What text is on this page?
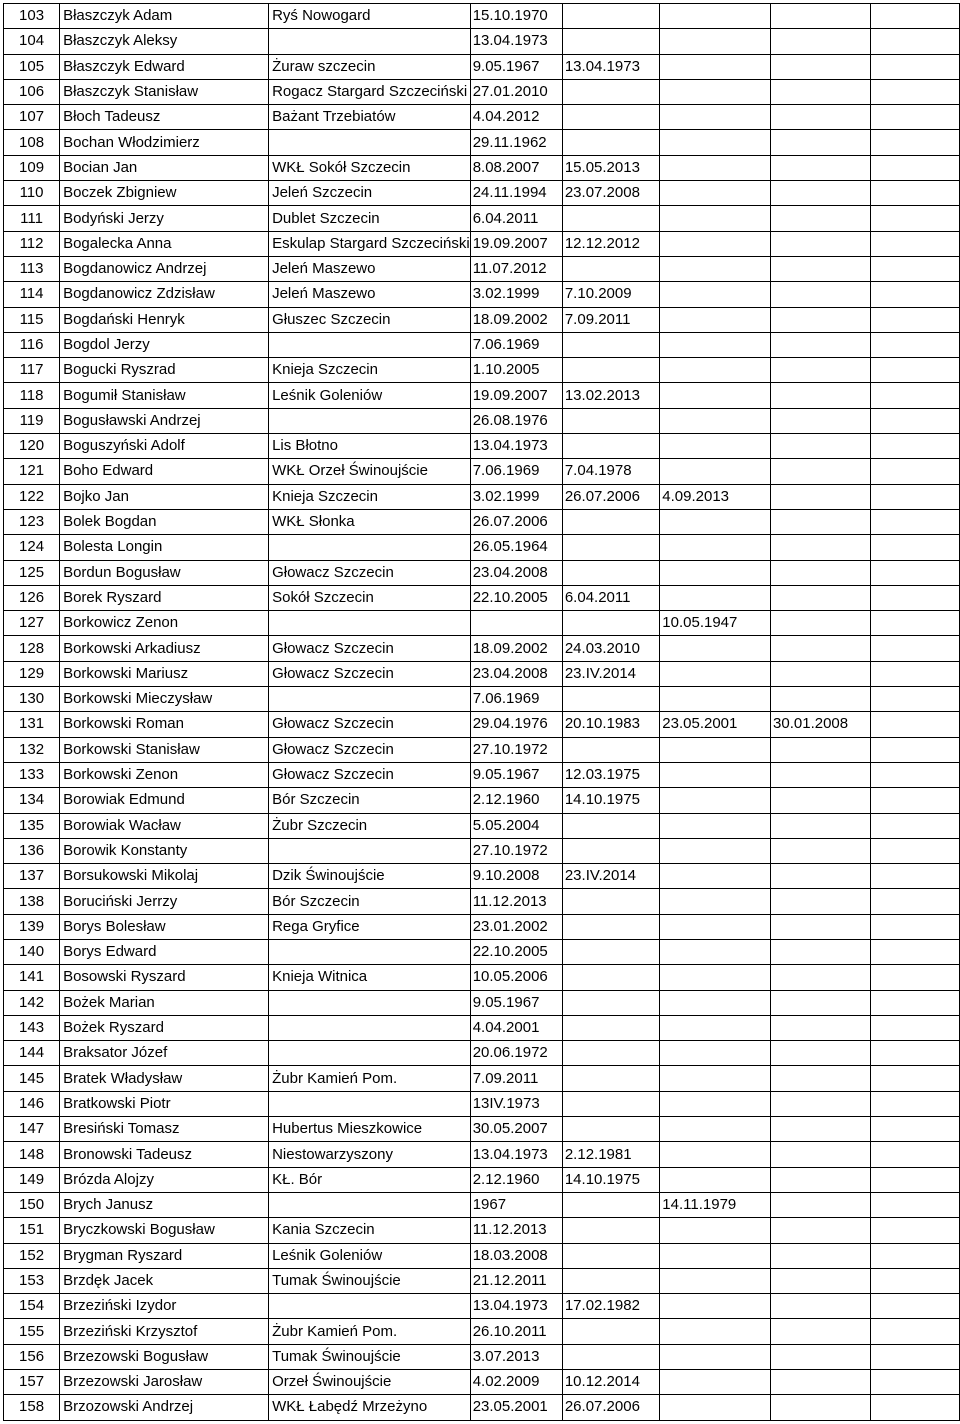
103	Błaszczyk Adam	Ryś Nowogard	15.10.1970				
104	Błaszczyk Aleksy		13.04.1973				
105	Błaszczyk Edward	Żuraw szczecin	9.05.1967	13.04.1973			
106	Błaszczyk Stanisław	Rogacz Stargard Szczeciński	27.01.2010				
107	Błoch Tadeusz	Bażant Trzebiatów	4.04.2012				
108	Bochan Włodzimierz		29.11.1962				
109	Bocian Jan	WKŁ Sokół Szczecin	8.08.2007	15.05.2013			
110	Boczek Zbigniew	Jeleń Szczecin	24.11.1994	23.07.2008			
111	Bodyński Jerzy	Dublet Szczecin	6.04.2011				
112	Bogalecka Anna	Eskulap Stargard Szczeciński	19.09.2007	12.12.2012			
113	Bogdanowicz Andrzej	Jeleń Maszewo	11.07.2012				
114	Bogdanowicz Zdzisław	Jeleń Maszewo	3.02.1999	7.10.2009			
115	Bogdański Henryk	Głuszec Szczecin	18.09.2002	7.09.2011			
116	Bogdol Jerzy		7.06.1969				
117	Bogucki Ryszrad	Knieja Szczecin	1.10.2005				
118	Bogumił Stanisław	Leśnik Goleniów	19.09.2007	13.02.2013			
119	Bogusławski Andrzej		26.08.1976				
120	Boguszyński Adolf	Lis Błotno	13.04.1973				
121	Boho Edward	WKŁ Orzeł Świnoujście	7.06.1969	7.04.1978			
122	Bojko Jan	Knieja Szczecin	3.02.1999	26.07.2006	4.09.2013		
123	Bolek Bogdan	WKŁ Słonka	26.07.2006				
124	Bolesta Longin		26.05.1964				
125	Bordun Bogusław	Głowacz Szczecin	23.04.2008				
126	Borek Ryszard	Sokół Szczecin	22.10.2005	6.04.2011			
127	Borkowicz Zenon				10.05.1947		
128	Borkowski Arkadiusz	Głowacz Szczecin	18.09.2002	24.03.2010			
129	Borkowski Mariusz	Głowacz Szczecin	23.04.2008	23.IV.2014			
130	Borkowski Mieczysław		7.06.1969				
131	Borkowski Roman	Głowacz Szczecin	29.04.1976	20.10.1983	23.05.2001	30.01.2008	
132	Borkowski Stanisław	Głowacz Szczecin	27.10.1972				
133	Borkowski Zenon	Głowacz Szczecin	9.05.1967	12.03.1975			
134	Borowiak Edmund	Bór Szczecin	2.12.1960	14.10.1975			
135	Borowiak Wacław	Żubr Szczecin	5.05.2004				
136	Borowik Konstanty		27.10.1972				
137	Borsukowski Mikolaj	Dzik Świnoujście	9.10.2008	23.IV.2014			
138	Boruciński Jerrzy	Bór Szczecin	11.12.2013				
139	Borys Bolesław	Rega Gryfice	23.01.2002				
140	Borys Edward		22.10.2005				
141	Bosowski Ryszard	Knieja Witnica	10.05.2006				
142	Bożek Marian		9.05.1967				
143	Bożek Ryszard		4.04.2001				
144	Braksator Józef		20.06.1972				
145	Bratek Władysław	Żubr Kamień Pom.	7.09.2011				
146	Bratkowski Piotr		13IV.1973				
147	Bresiński Tomasz	Hubertus Mieszkowice	30.05.2007				
148	Bronowski Tadeusz	Niestowarzyszony	13.04.1973	2.12.1981			
149	Brózda Alojzy	KŁ. Bór	2.12.1960	14.10.1975			
150	Brych Janusz		1967		14.11.1979		
151	Bryczkowski Bogusław	Kania Szczecin	11.12.2013				
152	Brygman Ryszard	Leśnik Goleniów	18.03.2008				
153	Brzdęk Jacek	Tumak Świnoujście	21.12.2011				
154	Brzeziński Izydor		13.04.1973	17.02.1982			
155	Brzeziński Krzysztof	Żubr Kamień Pom.	26.10.2011				
156	Brzezowski Bogusław	Tumak Świnoujście	3.07.2013				
157	Brzezowski Jarosław	Orzeł Świnoujście	4.02.2009	10.12.2014			
158	Brzozowski Andrzej	WKŁ Łabędź Mrzeżyno	23.05.2001	26.07.2006			
